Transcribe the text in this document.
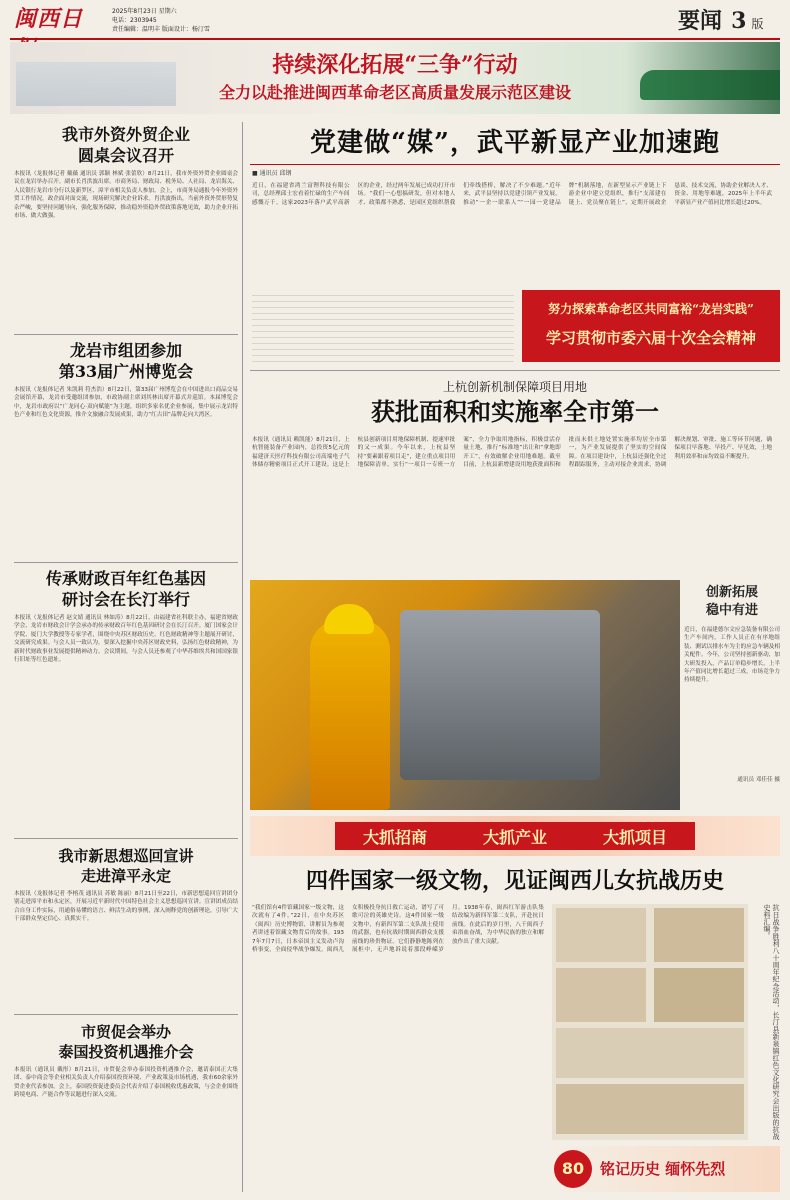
闽西日	2025年8月23日 星期六
电话：2303945
责任编辑：温明丰 版面设计：杨汀雪	要闻 3 版
持续深化拓展“三争”行动
全力以赴推进闽西革命老区高质量发展示范区建设
我市外资外贸企业
圆桌会议召开
本报讯（龙报体记者 戴薇 通讯员 郭颖 林斌 张蕾欣）8月21日，我市外资外贸企业圆桌会议在龙岩举办召开。副市长肖洪波出席。市商务局、财政局、税务局、人社局、龙岩海关、人民银行龙岩市分行以及新罗区、漳平市相关负责人参加。会上，市商务局通报今年外资外贸工作情况，政企面对面交流，现场研究解决企业诉求。肖洪波指出，当前外资外贸形势复杂严峻，要坚持问题导向，强化服务保障，推动稳外资稳外贸政策落地见效，助力企业开拓市场、做大做强。
龙岩市组团参加
第33届广州博览会
本报讯（龙报体记者 朱凯莉 符杰浩）8月22日，第33届广州博览会在中国进出口商品交易会展馆开幕，龙岩市受邀组团参加，市政协副主席刘其林出席开幕式并巡馆。本届博览会中，龙岩市政府以“广龙同心·双向赋能”为主题，组织多家名优企业参展，集中展示龙岩特色产业和红色文化资源，推介文旅融合发展成果，助力“红古田”品牌走向大湾区。
传承财政百年红色基因
研讨会在长汀举行
本报讯（龙报体记者 赵文婧 通讯员 林如涛）8月22日，由福建省社科联主办，福建省财政学会、龙岩市财政会计学会承办的传承财政百年红色基因研讨会在长汀召开。厦门国家会计学院、厦门大学教授等专家学者，围绕中央苏区财政历史、红色财政精神等主题展开研讨，交流研究成果。与会人员一致认为，要深入挖掘中央苏区财政史料，弘扬红色财政精神，为新时代财政事业发展提供精神动力。会议期间，与会人员还参观了中华苏维埃共和国国家银行旧址等红色遗址。
我市新思想巡回宣讲
走进漳平永定
本报讯（龙报体记者 李榕茂 通讯员 苏敏 陈丽）8月21日至22日，市新思想巡回宣讲团分别走进漳平市和永定区，开展习近平新时代中国特色社会主义思想巡回宣讲。宣讲团成员结合自身工作实际，用通俗易懂的语言、鲜活生动的事例，深入阐释党的创新理论，引导广大干部群众坚定信心、真抓实干。
市贸促会举办
泰国投资机遇推介会
本报讯（通讯员 戴彤）8月21日，市贸促会举办泰国投资机遇推介会，邀请泰国正大集团、泰中商会等企业相关负责人介绍泰国投资环境、产业政策及市场机遇，我市60余家外贸企业代表参加。会上，泰国投资促进委员会代表介绍了泰国税收优惠政策，与会企业围绕跨境电商、产能合作等议题进行深入交流。
党建做“媒”，武平新显产业加速跑
■ 通讯员 邱钢
近日，在福建省鸿兰富锂科技有限公司，总经理邱士宏看着忙碌的生产车间感慨万千。这家2023年落户武平高新区的企业，经过两年发展已成功打开市场。“我们一心想搞研发，但对本地人才、政策都不熟悉，是园区党组织帮我们牵线搭桥，解决了不少难题。”近年来，武平县坚持以党建引领产业发展，推动“一企一联系人”“一园一党建品牌”机制落地，在新型显示产业链上下游企业中建立党组织，推行“支部建在链上、党员聚在链上”，定期开展政企恳谈、技术交流，协助企业解决人才、资金、用地等难题，2025年上半年武平新显产业产值同比增长超过20%。
努力探索革命老区共同富裕“龙岩实践”
学习贯彻市委六届十次全会精神
上杭创新机制保障项目用地
获批面积和实施率全市第一
本报讯（通讯员 赖凯能）8月21日，上杭智能装备产业园内，总投资5亿元的福建济天医疗科技有限公司高端电子气体储存精密项目正式开工建设。这是上杭县创新项目用地保障机制、提速审批的又一成果。今年以来，上杭县坚持“要素跟着项目走”，建立重点项目用地保障清单，实行“一项目一专班一方案”，全力争取用地指标，积极盘活存量土地，推行“标准地”出让和“拿地即开工”，有效破解企业用地难题。截至目前，上杭县新增建设用地获批面积和批而未供土地处置实施率均居全市第一，为产业发展提供了坚实的空间保障。在项目建设中，上杭县还强化全过程跟踪服务，主动对接企业需求，协调解决规划、审批、施工等环节问题，确保项目早落地、早投产、早见效，土地利用效率和亩均效益不断提升。
创新拓展
稳中有进
近日，在福建德尔文应急装备有限公司生产车间内，工作人员正在有序地组装、测试以排水车为主的应急车辆及相关配件。今年，公司坚持创新驱动，加大研发投入，产品订单稳步增长，上半年产值同比增长超过三成，市场竞争力持续提升。
通讯员 邓佳佳 摄
大抓招商	大抓产业	大抓项目
四件国家一级文物，见证闽西儿女抗战历史
“我们馆有4件馆藏国家一级文物，这次就有了4件。”22日，在中央苏区（闽西）历史博物馆，讲解员为参观者讲述着馆藏文物背后的故事。1937年7月7日，日本帝国主义发动卢沟桥事变，全面侵华战争爆发。闽西儿女积极投身抗日救亡运动，谱写了可歌可泣的英雄史诗。这4件国家一级文物中，有新四军第二支队战士使用的武器，也有抗战时期闽西群众支援前线的珍贵物证。它们静静地陈列在展柜中，无声地诉说着那段峥嵘岁月。1938年春，闽西红军游击队集结改编为新四军第二支队，开赴抗日前线。在此后的岁月里，八千闽西子弟浴血奋战，为中华民族的独立和解放作出了重大贡献。	抗日战争胜利八十周年纪念活动，长汀县新泉镇红色文化研究会出版的抗战史料汇编。
80	铭记历史 缅怀先烈
